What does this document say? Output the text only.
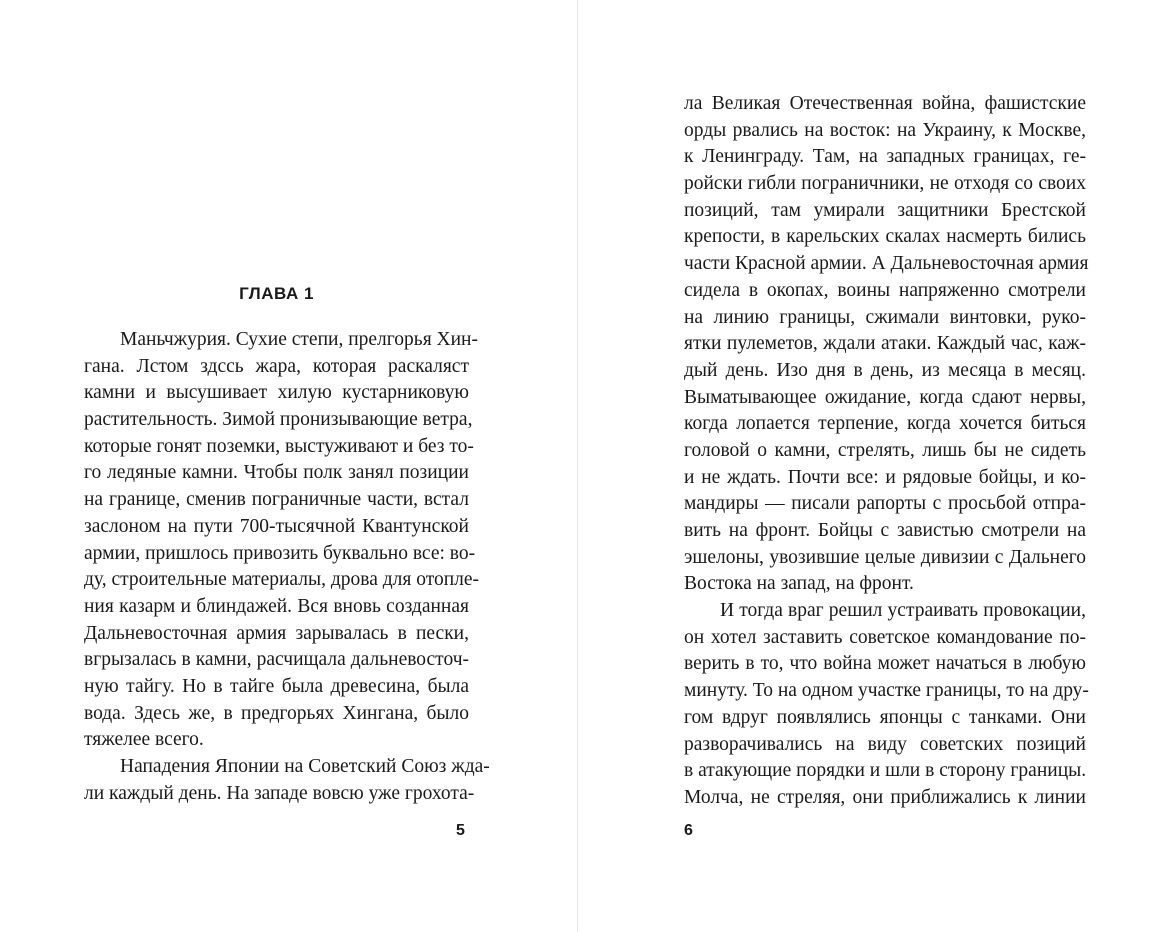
ГЛАВА 1
Маньчжурия. Сухие степи, прелгорья Хин-
гана. Лстом здссь жара, которая раскаляст
камни и высушивает хилую кустарниковую
растительность. Зимой пронизывающие ветра,
которые гонят поземки, выстуживают и без то-
го ледяные камни. Чтобы полк занял позиции
на границе, сменив пограничные части, встал
заслоном на пути 700-тысячной Квантунской
армии, пришлось привозить буквально все: во-
ду, строительные материалы, дрова для отопле-
ния казарм и блиндажей. Вся вновь созданная
Дальневосточная армия зарывалась в пески,
вгрызалась в камни, расчищала дальневосточ-
ную тайгу. Но в тайге была древесина, была
вода. Здесь же, в предгорьях Хингана, было
тяжелее всего.
Нападения Японии на Советский Союз жда-
ли каждый день. На западе вовсю уже грохота-
5
ла Великая Отечественная война, фашистские
орды рвались на восток: на Украину, к Москве,
к Ленинграду. Там, на западных границах, ге-
ройски гибли пограничники, не отходя со своих
позиций, там умирали защитники Брестской
крепости, в карельских скалах насмерть бились
части Красной армии. А Дальневосточная армия
сидела в окопах, воины напряженно смотрели
на линию границы, сжимали винтовки, руко-
ятки пулеметов, ждали атаки. Каждый час, каж-
дый день. Изо дня в день, из месяца в месяц.
Выматывающее ожидание, когда сдают нервы,
когда лопается терпение, когда хочется биться
головой о камни, стрелять, лишь бы не сидеть
и не ждать. Почти все: и рядовые бойцы, и ко-
мандиры — писали рапорты с просьбой отпра-
вить на фронт. Бойцы с завистью смотрели на
эшелоны, увозившие целые дивизии с Дальнего
Востока на запад, на фронт.
И тогда враг решил устраивать провокации,
он хотел заставить советское командование по-
верить в то, что война может начаться в любую
минуту. То на одном участке границы, то на дру-
гом вдруг появлялись японцы с танками. Они
разворачивались на виду советских позиций
в атакующие порядки и шли в сторону границы.
Молча, не стреляя, они приближались к линии
6
